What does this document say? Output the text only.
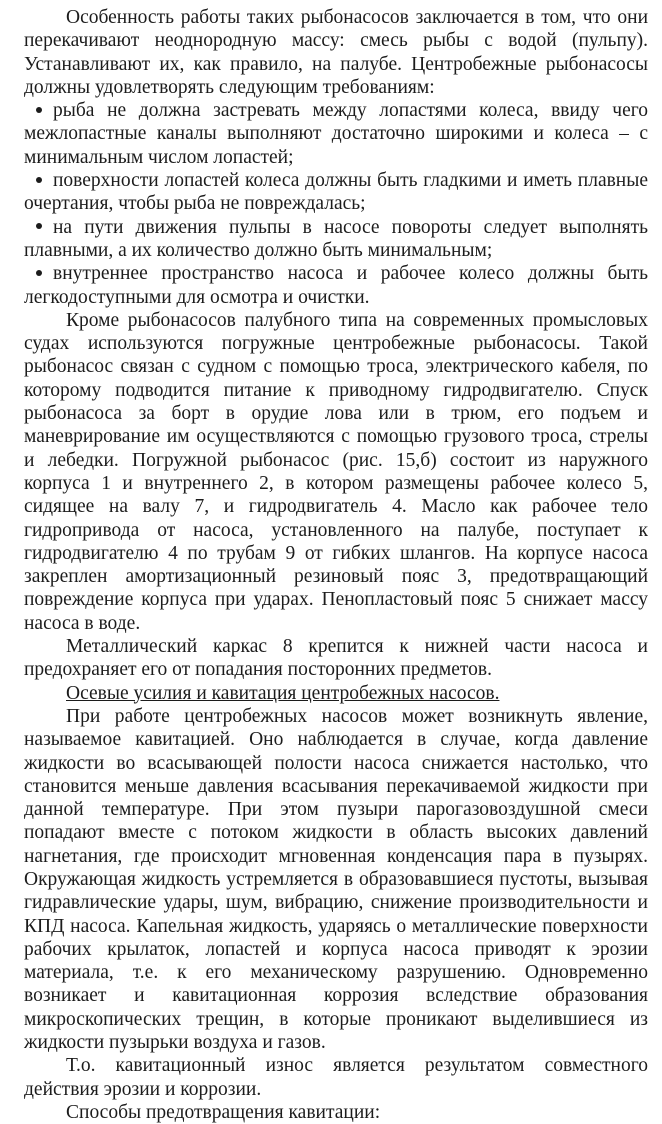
Особенность работы таких рыбонасосов заключается в том, что они перекачивают неоднородную массу: смесь рыбы с водой (пульпу). Устанавливают их, как правило, на палубе. Центробежные рыбонасосы должны удовлетворять следующим требованиям:

рыба не должна застревать между лопастями колеса, ввиду чего межлопастные каналы выполняют достаточно широкими и колеса – с минимальным числом лопастей;
поверхности лопастей колеса должны быть гладкими и иметь плавные очертания, чтобы рыба не повреждалась;
на пути движения пульпы в насосе повороты следует выполнять плавными, а их количество должно быть минимальным;
внутреннее пространство насоса и рабочее колесо должны быть легкодоступными для осмотра и очистки.

Кроме рыбонасосов палубного типа на современных промысловых судах используются погружные центробежные рыбонасосы. Такой рыбонасос связан с судном с помощью троса, электрического кабеля, по которому подводится питание к приводному гидродвигателю. Спуск рыбонасоса за борт в орудие лова или в трюм, его подъем и маневрирование им осуществляются с помощью грузового троса, стрелы и лебедки. Погружной рыбонасос (рис. 15,б) состоит из наружного корпуса 1 и внутреннего 2, в котором размещены рабочее колесо 5, сидящее на валу 7, и гидродвигатель 4. Масло как рабочее тело гидропривода от насоса, установленного на палубе, поступает к гидродвигателю 4 по трубам 9 от гибких шлангов. На корпусе насоса закреплен амортизационный резиновый пояс 3, предотвращающий повреждение корпуса при ударах. Пенопластовый пояс 5 снижает массу насоса в воде.

Металлический каркас 8 крепится к нижней части насоса и предохраняет его от попадания посторонних предметов.

Осевые усилия и кавитация центробежных насосов.

При работе центробежных насосов может возникнуть явление, называемое кавитацией. Оно наблюдается в случае, когда давление жидкости во всасывающей полости насоса снижается настолько, что становится меньше давления всасывания перекачиваемой жидкости при данной температуре. При этом пузыри парогазовоздушной смеси попадают вместе с потоком жидкости в область высоких давлений нагнетания, где происходит мгновенная конденсация пара в пузырях. Окружающая жидкость устремляется в образовавшиеся пустоты, вызывая гидравлические удары, шум, вибрацию, снижение производительности и КПД насоса. Капельная жидкость, ударяясь о металлические поверхности рабочих крылаток, лопастей и корпуса насоса приводят к эрозии материала, т.е. к его механическому разрушению. Одновременно возникает и кавитационная коррозия вследствие образования микроскопических трещин, в которые проникают выделившиеся из жидкости пузырьки воздуха и газов.

Т.о. кавитационный износ является результатом совместного действия эрозии и коррозии.

Способы предотвращения кавитации:
